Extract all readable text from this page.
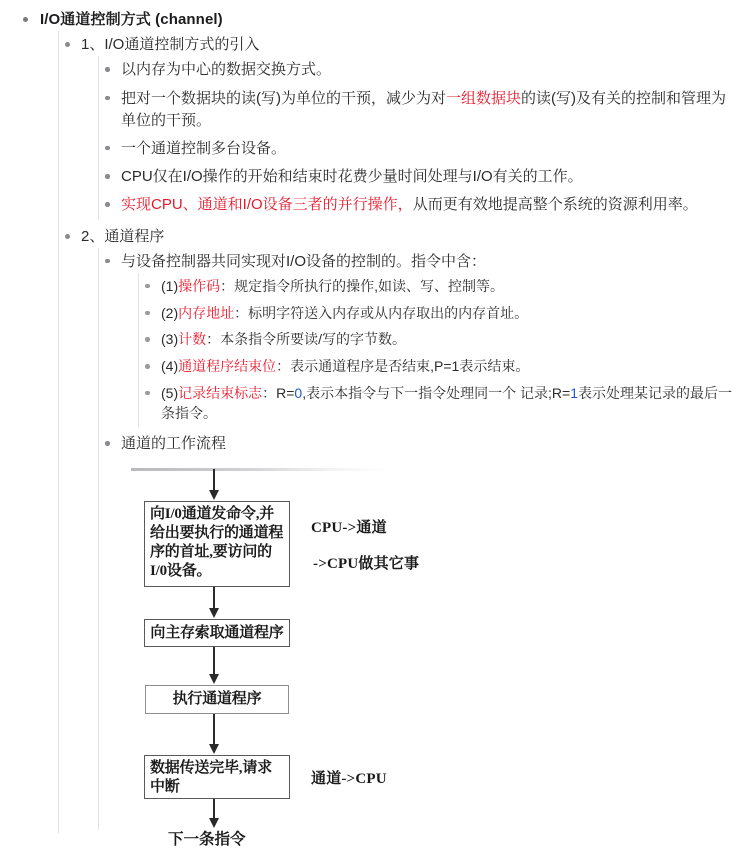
I/O通道控制方式 (channel)
1、I/O通道控制方式的引入
以内存为中心的数据交换方式。
把对一个数据块的读(写)为单位的干预，减少为对一组数据块的读(写)及有关的控制和管理为单位的干预。
一个通道控制多台设备。
CPU仅在I/O操作的开始和结束时花费少量时间处理与I/O有关的工作。
实现CPU、通道和I/O设备三者的并行操作，从而更有效地提高整个系统的资源利用率。
2、通道程序
与设备控制器共同实现对I/O设备的控制的。指令中含：
(1)操作码：规定指令所执行的操作,如读、写、控制等。
(2)内存地址：标明字符送入内存或从内存取出的内存首址。
(3)计数：本条指令所要读/写的字节数。
(4)通道程序结束位：表示通道程序是否结束,P=1表示结束。
(5)记录结束标志：R=0,表示本指令与下一指令处理同一个 记录;R=1表示处理某记录的最后一条指令。
通道的工作流程
向I/0通道发命令,并给出要执行的通道程序的首址,要访问的I/0设备。
CPU->通道
->CPU做其它事
向主存索取通道程序
执行通道程序
数据传送完毕,请求中断	通道->CPU
下一条指令
